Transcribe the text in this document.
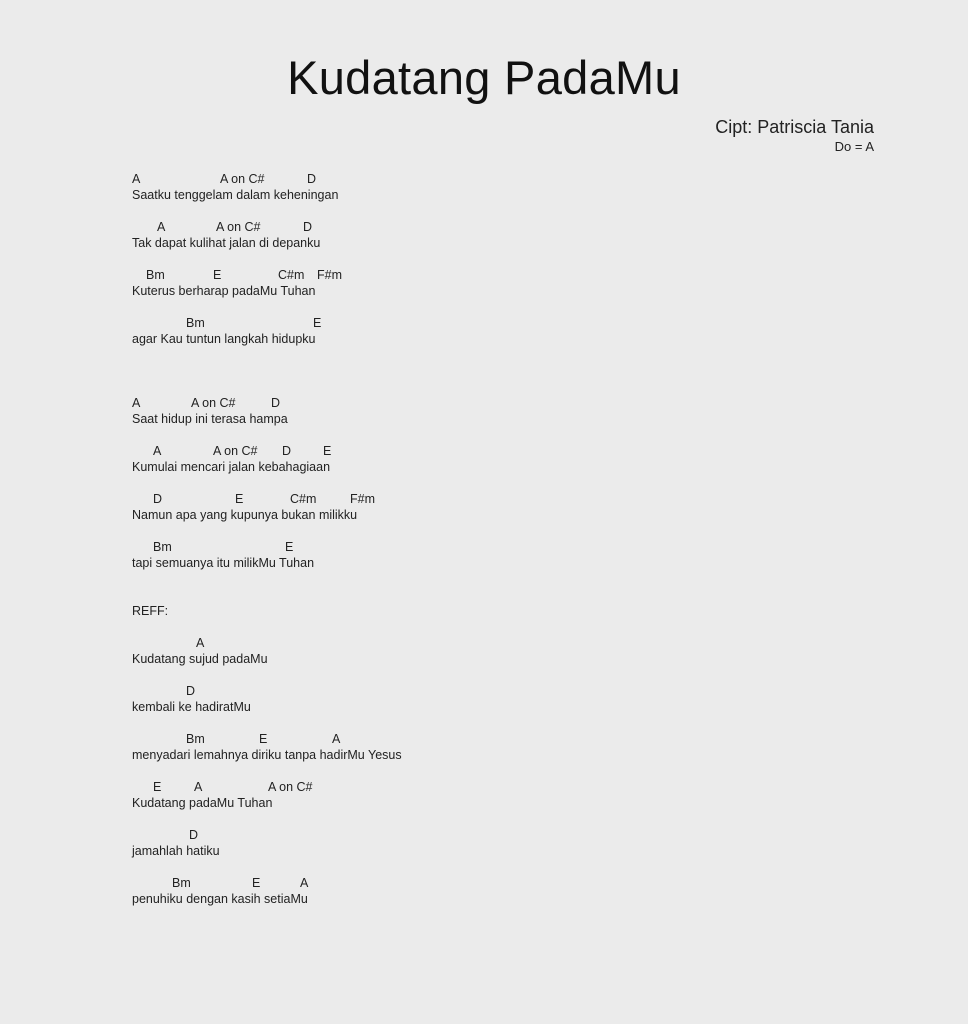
Kudatang PadaMu
Cipt: Patriscia Tania
Do = A
A	A on C#	D
Saatku tenggelam dalam keheningan
A	A on C#	D
Tak dapat kulihat jalan di depanku
Bm	E	C#m F#m
Kuterus berharap padaMu Tuhan
Bm	E
agar Kau tuntun langkah hidupku
A	A on C#	D
Saat hidup ini terasa hampa
A	A on C# D	E
Kumulai mencari jalan kebahagiaan
D	E	C#m	F#m
Namun apa yang kupunya bukan milikku
Bm	E
tapi semuanya itu milikMu Tuhan
A
Kudatang sujud padaMu
D
kembali ke hadiratMu
Bm	E	A
menyadari lemahnya diriku tanpa hadirMu Yesus
E	A	A on C#
Kudatang padaMu Tuhan
D
jamahlah hatiku
Bm	E	A
penuhiku dengan kasih setiaMu
REFF:
